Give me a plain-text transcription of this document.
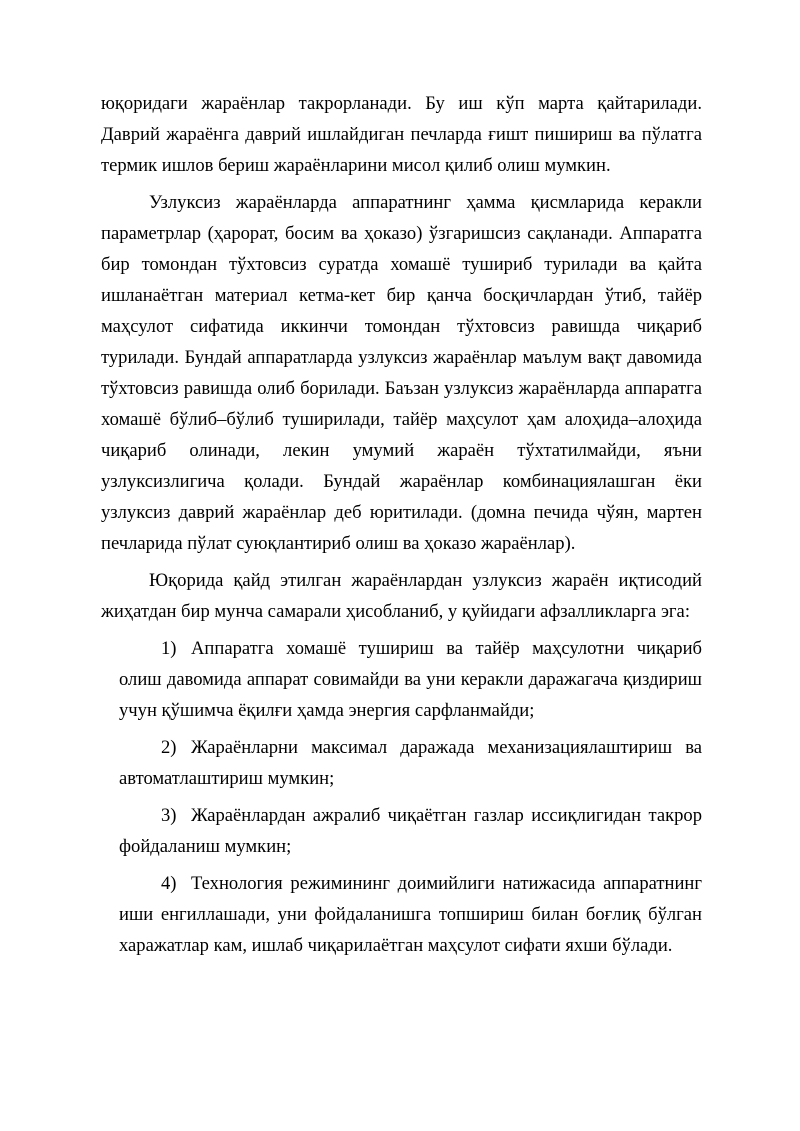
юқоридаги жараёнлар такрорланади. Бу иш кўп марта қайтарилади. Даврий жараёнга даврий ишлайдиган печларда ғишт пишириш ва пўлатга термик ишлов бериш жараёнларини мисол қилиб олиш мумкин.

Узлуксиз жараёнларда аппаратнинг ҳамма қисмларида керакли параметрлар (ҳарорат, босим ва ҳоказо) ўзгаришсиз сақланади. Аппаратга бир томондан тўхтовсиз суратда хомашё тушириб турилади ва қайта ишланаётган материал кетма-кет бир қанча босқичлардан ўтиб, тайёр маҳсулот сифатида иккинчи томондан тўхтовсиз равишда чиқариб турилади. Бундай аппаратларда узлуксиз жараёнлар маълум вақт давомида тўхтовсиз равишда олиб борилади. Баъзан узлуксиз жараёнларда аппаратга хомашё бўлиб–бўлиб туширилади, тайёр маҳсулот ҳам алоҳида–алоҳида чиқариб олинади, лекин умумий жараён тўхтатилмайди, яъни узлуксизлигича қолади. Бундай жараёнлар комбинациялашган ёки узлуксиз даврий жараёнлар деб юритилади. (домна печида чўян, мартен печларида пўлат суюқлантириб олиш ва ҳоказо жараёнлар).

Юқорида қайд этилган жараёнлардан узлуксиз жараён иқтисодий жиҳатдан бир мунча самарали ҳисобланиб, у қуйидаги афзалликларга эга:

1) Аппаратга хомашё тушириш ва тайёр маҳсулотни чиқариб олиш давомида аппарат совимайди ва уни керакли даражагача қиздириш учун қўшимча ёқилғи ҳамда энергия сарфланмайди;

2) Жараёнларни максимал даражада механизациялаштириш ва автоматлаштириш мумкин;

3) Жараёнлардан ажралиб чиқаётган газлар иссиқлигидан такрор фойдаланиш мумкин;

4) Технология режимининг доимийлиги натижасида аппаратнинг иши енгиллашади, уни фойдаланишга топшириш билан боғлиқ бўлган харажатлар кам, ишлаб чиқарилаётган маҳсулот сифати яхши бўлади.
